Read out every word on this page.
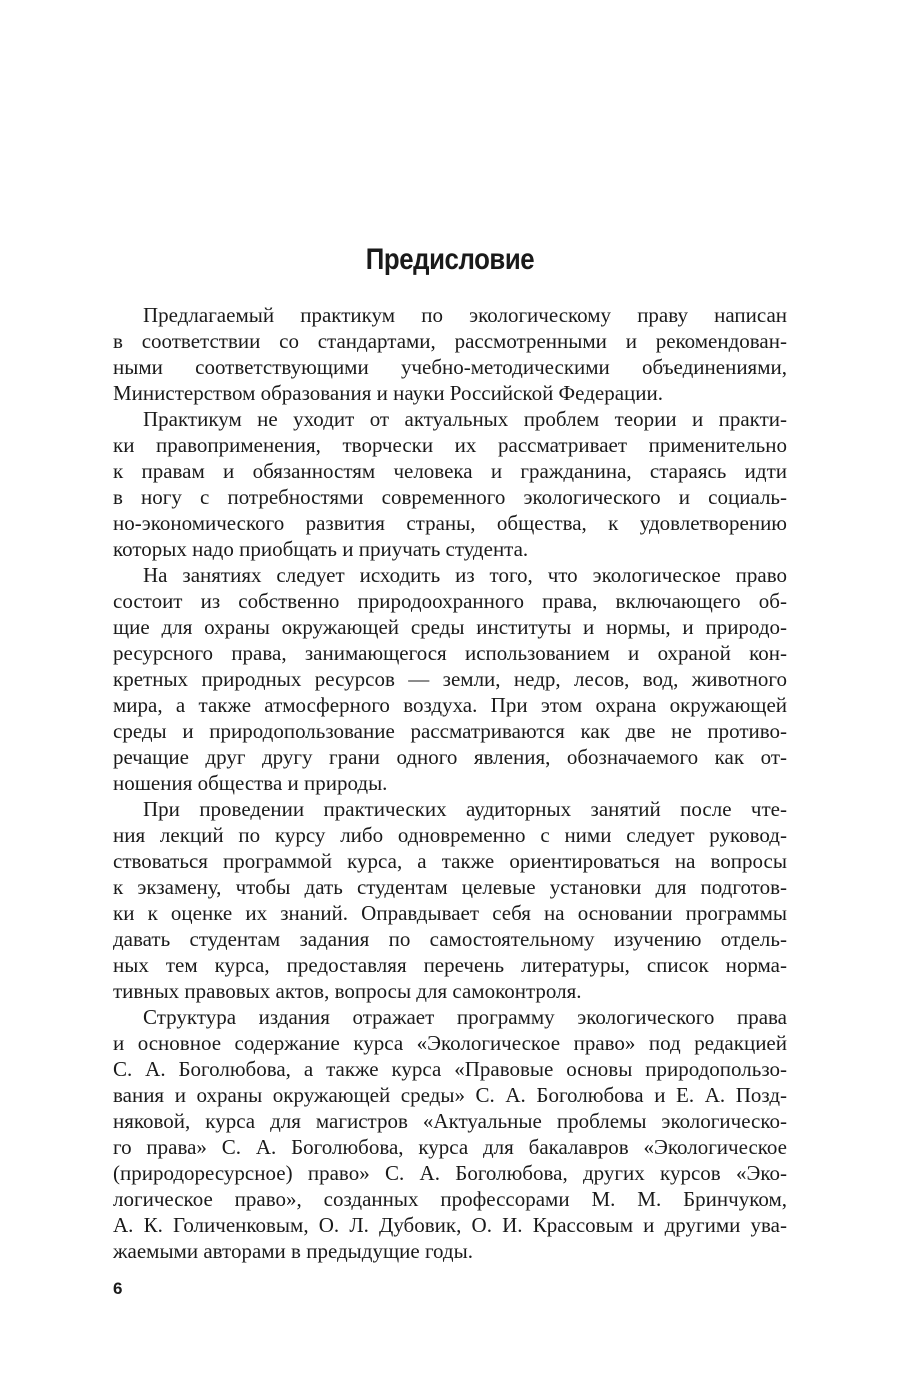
Предисловие
Предлагаемый практикум по экологическому праву написан
в соответствии со стандартами, рассмотренными и рекомендован-
ными соответствующими учебно-методическими объединениями,
Министерством образования и науки Российской Федерации.
Практикум не уходит от актуальных проблем теории и практи-
ки правоприменения, творчески их рассматривает применительно
к правам и обязанностям человека и гражданина, стараясь идти
в ногу с потребностями современного экологического и социаль-
но-экономического развития страны, общества, к удовлетворению
которых надо приобщать и приучать студента.
На занятиях следует исходить из того, что экологическое право
состоит из собственно природоохранного права, включающего об-
щие для охраны окружающей среды институты и нормы, и природо-
ресурсного права, занимающегося использованием и охраной кон-
кретных природных ресурсов — земли, недр, лесов, вод, животного
мира, а также атмосферного воздуха. При этом охрана окружающей
среды и природопользование рассматриваются как две не противо-
речащие друг другу грани одного явления, обозначаемого как от-
ношения общества и природы.
При проведении практических аудиторных занятий после чте-
ния лекций по курсу либо одновременно с ними следует руковод-
ствоваться программой курса, а также ориентироваться на вопросы
к экзамену, чтобы дать студентам целевые установки для подготов-
ки к оценке их знаний. Оправдывает себя на основании программы
давать студентам задания по самостоятельному изучению отдель-
ных тем курса, предоставляя перечень литературы, список норма-
тивных правовых актов, вопросы для самоконтроля.
Структура издания отражает программу экологического права
и основное содержание курса «Экологическое право» под редакцией
С. А. Боголюбова, а также курса «Правовые основы природопользо-
вания и охраны окружающей среды» С. А. Боголюбова и Е. А. Позд-
няковой, курса для магистров «Актуальные проблемы экологическо-
го права» С. А. Боголюбова, курса для бакалавров «Экологическое
(природоресурсное) право» С. А. Боголюбова, других курсов «Эко-
логическое право», созданных профессорами М. М. Бринчуком,
А. К. Голиченковым, О. Л. Дубовик, О. И. Крассовым и другими ува-
жаемыми авторами в предыдущие годы.
6
